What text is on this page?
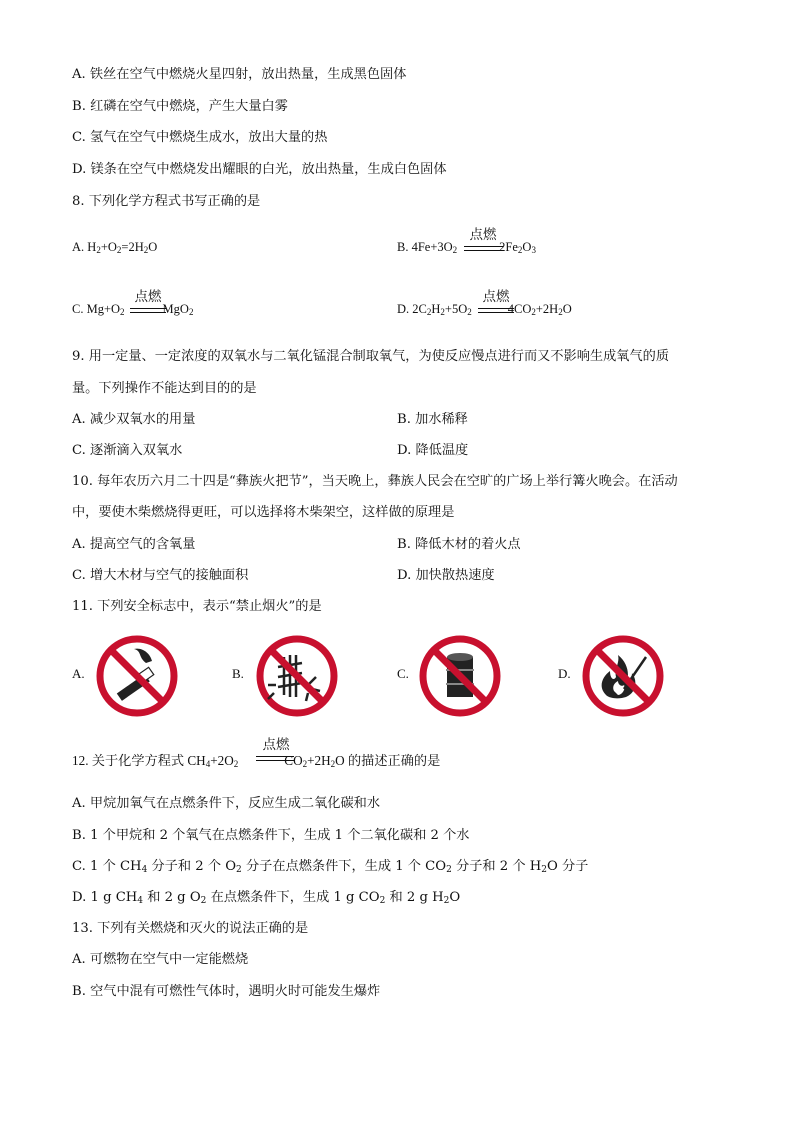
A. 铁丝在空气中燃烧火星四射，放出热量，生成黑色固体
B. 红磷在空气中燃烧，产生大量白雾
C. 氢气在空气中燃烧生成水，放出大量的热
D. 镁条在空气中燃烧发出耀眼的白光，放出热量，生成白色固体
8. 下列化学方程式书写正确的是
A. $H_2+O_2=2H_2O$	B. $4Fe+3O_2$	$2Fe_2O_3$
点燃
C. $Mg+O_2$	MgO$_2$
点燃
D. $2C_2H_2+5O_2$	$4CO_2+2H_2O$
点燃
9. 用一定量、一定浓度的双氧水与二氧化锰混合制取氧气，为使反应慢点进行而又不影响生成氧气的质
量。下列操作不能达到目的的是
A. 减少双氧水的用量	B. 加水稀释
C. 逐渐滴入双氧水	D. 降低温度
10. 每年农历六月二十四是“彝族火把节”，当天晚上，彝族人民会在空旷的广场上举行篝火晚会。在活动
中，要使木柴燃烧得更旺，可以选择将木柴架空，这样做的原理是
A. 提高空气的含氧量	B. 降低木材的着火点
C. 增大木材与空气的接触面积	D. 加快散热速度
11. 下列安全标志中，表示“禁止烟火”的是
A.	B.	C.	D.
12. 关于化学方程式 $CH_4+2O_2$	$CO_2+2H_2O$ 的描述正确的是
点燃
A. 甲烷加氧气在点燃条件下，反应生成二氧化碳和水
B. 1 个甲烷和 2 个氧气在点燃条件下，生成 1 个二氧化碳和 2 个水
C. 1 个 $CH_4$ 分子和 2 个 $O_2$ 分子在点燃条件下，生成 1 个 $CO_2$ 分子和 2 个 $H_2O$ 分子
D. 1 g $CH_4$ 和 2 g $O_2$ 在点燃条件下，生成 1 g $CO_2$ 和 2 g $H_2O$
13. 下列有关燃烧和灭火的说法正确的是
A. 可燃物在空气中一定能燃烧
B. 空气中混有可燃性气体时，遇明火时可能发生爆炸
